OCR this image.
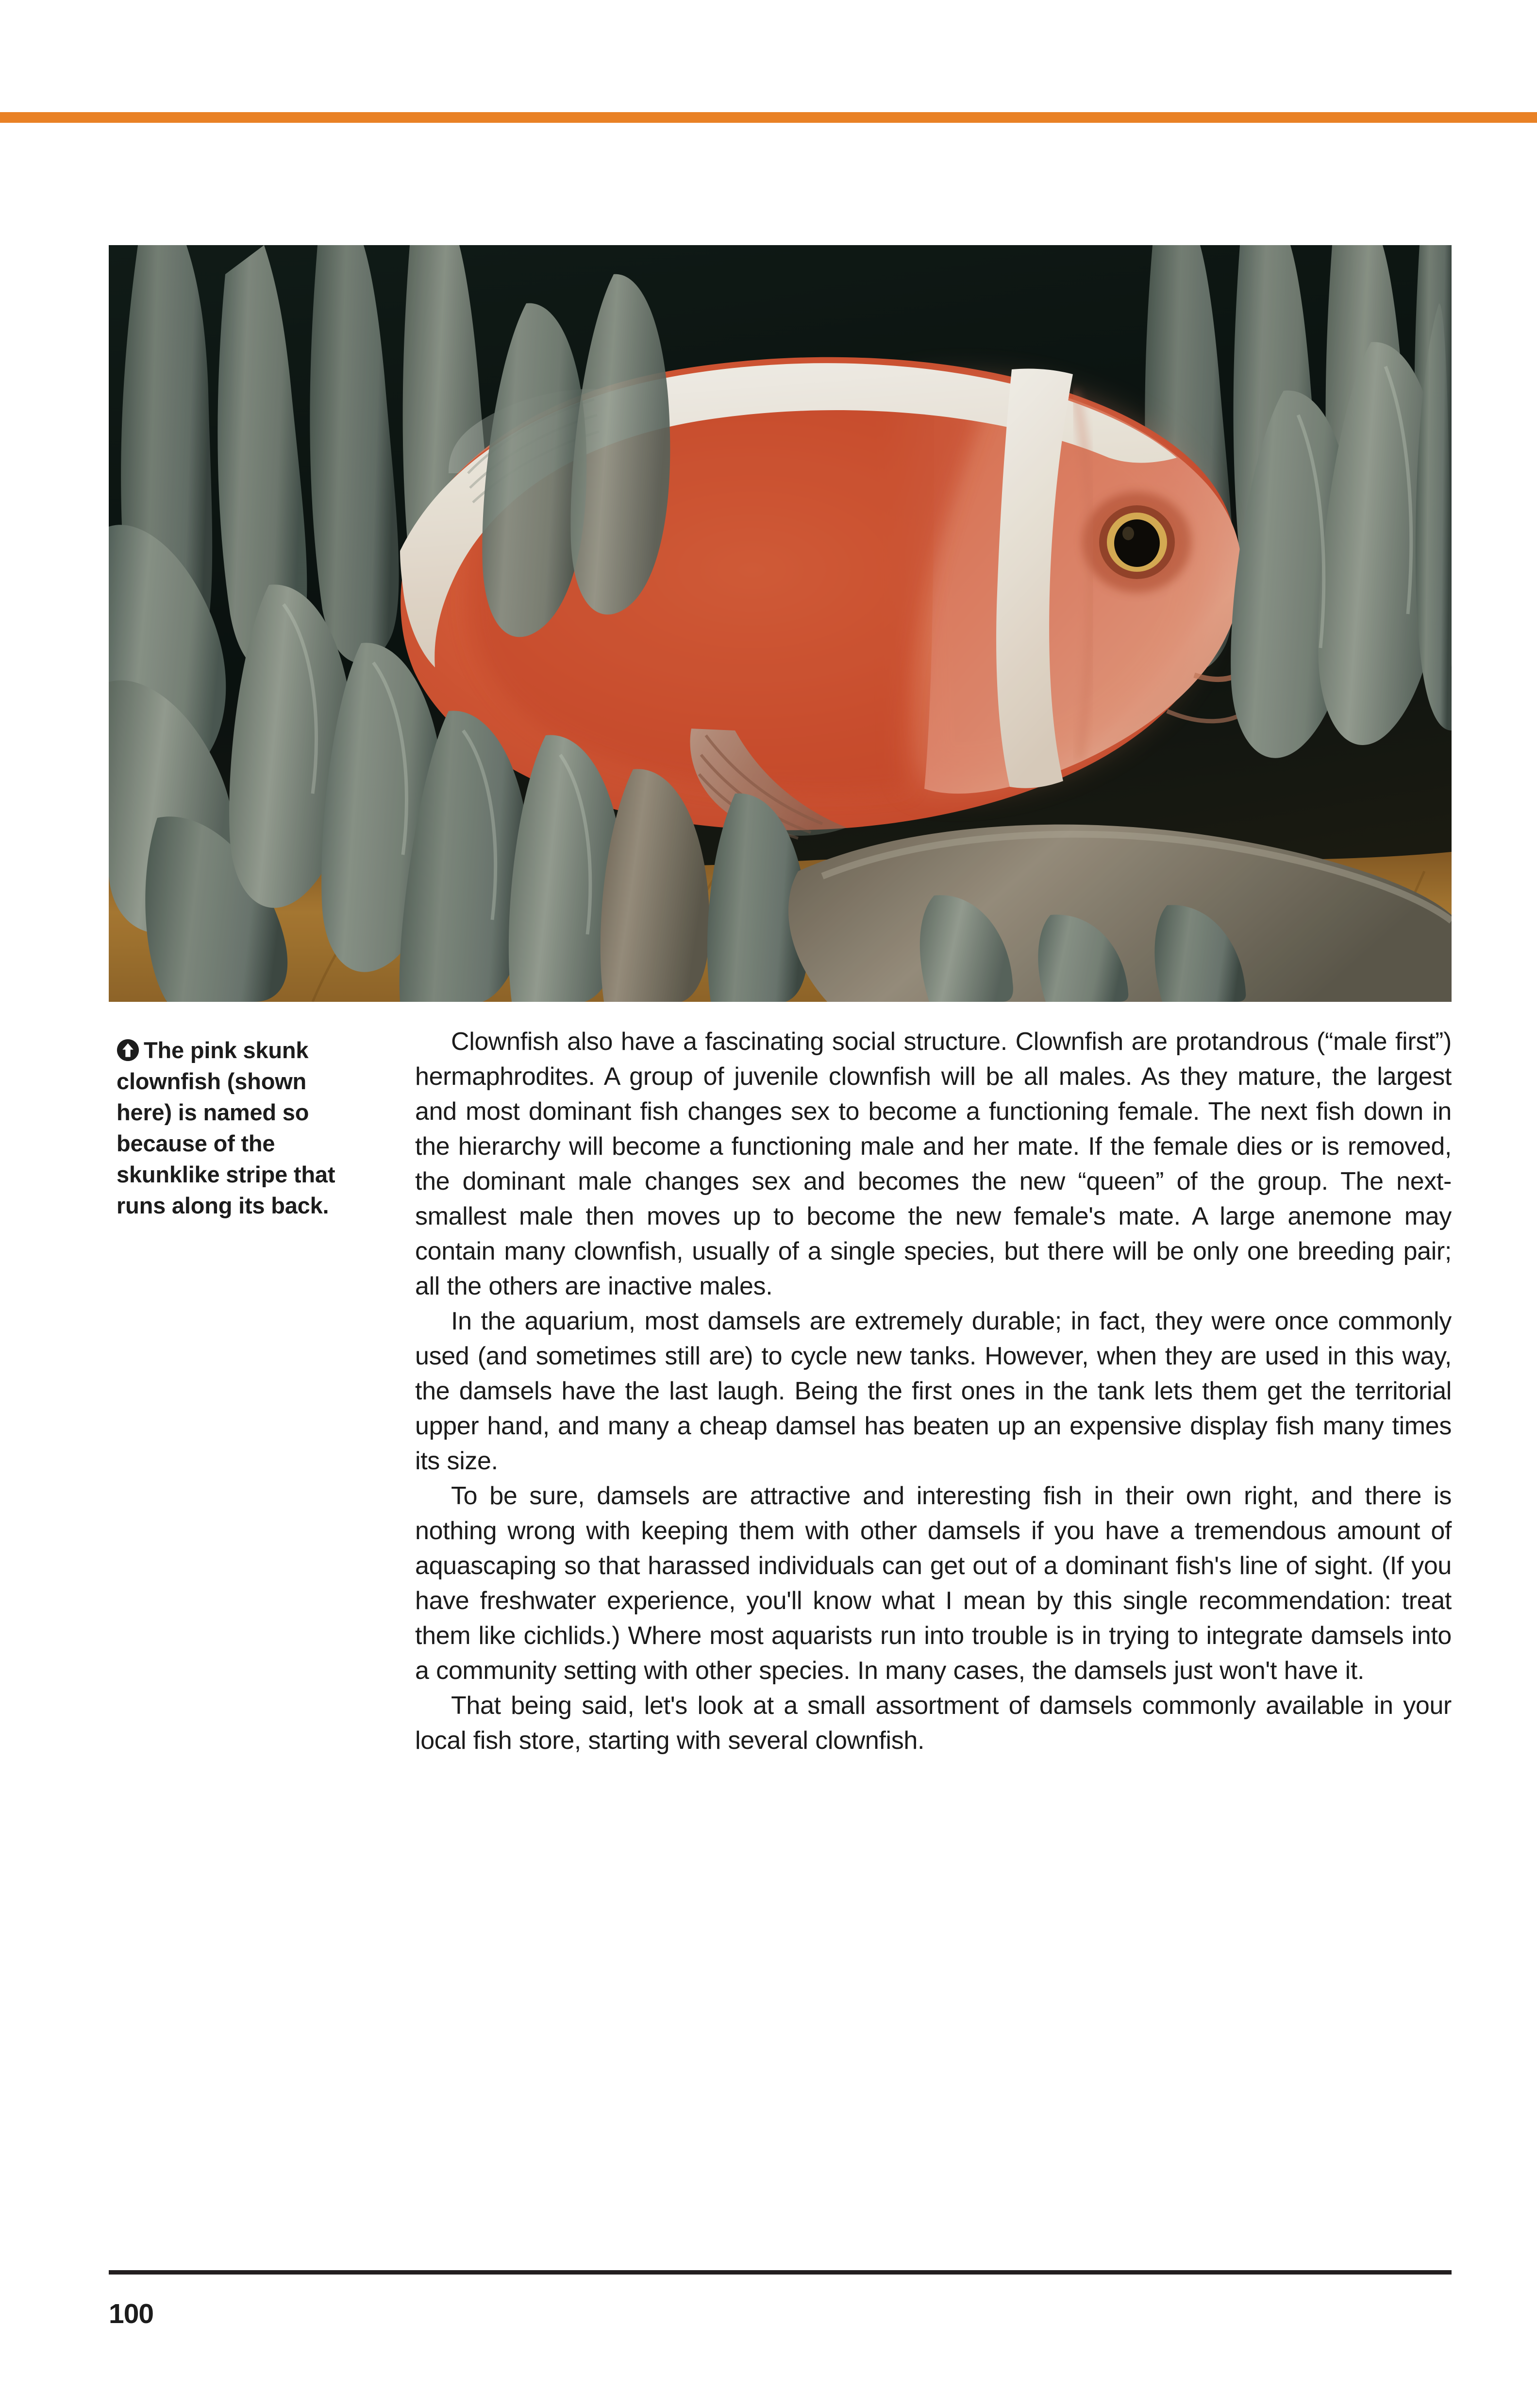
The pink skunk clownfish (shown here) is named so because of the skunklike stripe that runs along its back.

Clownfish also have a fascinating social structure. Clownfish are protandrous (“male first”) hermaphrodites. A group of juvenile clownfish will be all males. As they mature, the largest and most dominant fish changes sex to become a functioning female. The next fish down in the hierarchy will become a functioning male and her mate. If the female dies or is removed, the dominant male changes sex and becomes the new “queen” of the group. The next-smallest male then moves up to become the new female's mate. A large anemone may contain many clownfish, usually of a single species, but there will be only one breeding pair; all the others are inactive males.

In the aquarium, most damsels are extremely durable; in fact, they were once commonly used (and sometimes still are) to cycle new tanks. However, when they are used in this way, the damsels have the last laugh. Being the first ones in the tank lets them get the territorial upper hand, and many a cheap damsel has beaten up an expensive display fish many times its size.

To be sure, damsels are attractive and interesting fish in their own right, and there is nothing wrong with keeping them with other damsels if you have a tremendous amount of aquascaping so that harassed individuals can get out of a dominant fish's line of sight. (If you have freshwater experience, you'll know what I mean by this single recommendation: treat them like cichlids.) Where most aquarists run into trouble is in trying to integrate damsels into a community setting with other species. In many cases, the damsels just won't have it.

That being said, let's look at a small assortment of damsels commonly available in your local fish store, starting with several clownfish.

100
